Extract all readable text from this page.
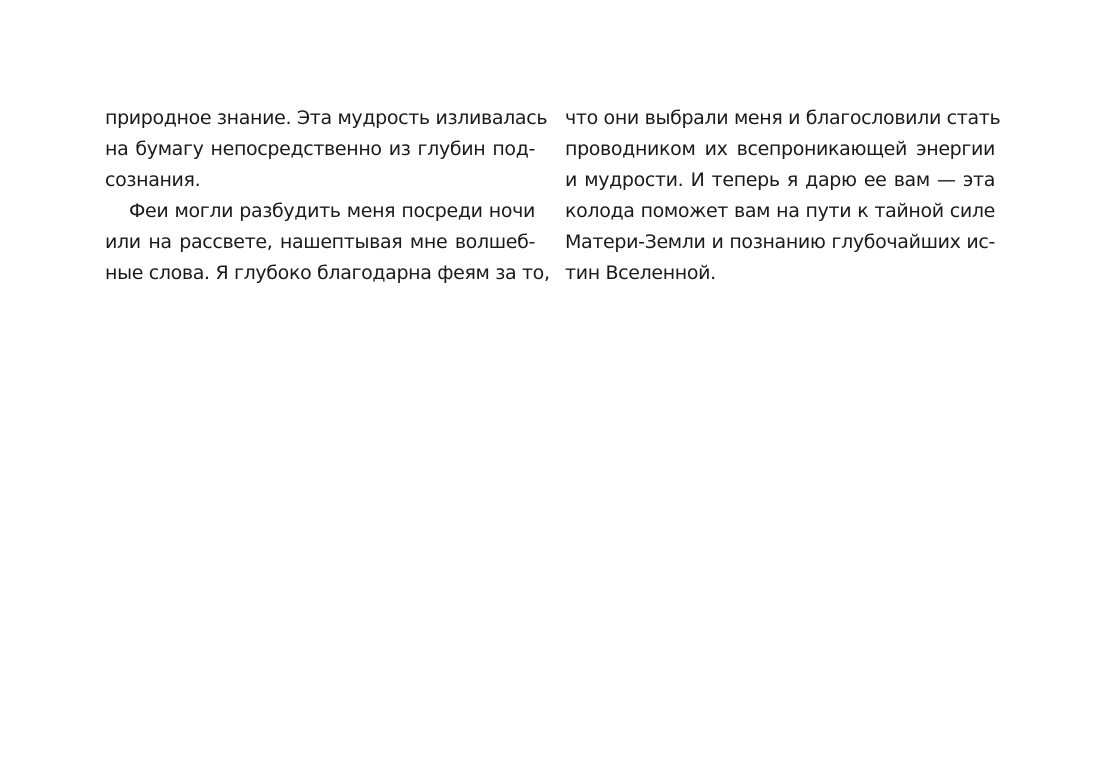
природное знание. Эта мудрость изливалась
на бумагу непосредственно из глубин под-
сознания.
Феи могли разбудить меня посреди ночи
или на рассвете, нашептывая мне волшеб-
ные слова. Я глубоко благодарна феям за то,
что они выбрали меня и благословили стать
проводником их всепроникающей энергии
и мудрости. И теперь я дарю ее вам — эта
колода поможет вам на пути к тайной силе
Матери-Земли и познанию глубочайших ис-
тин Вселенной.
